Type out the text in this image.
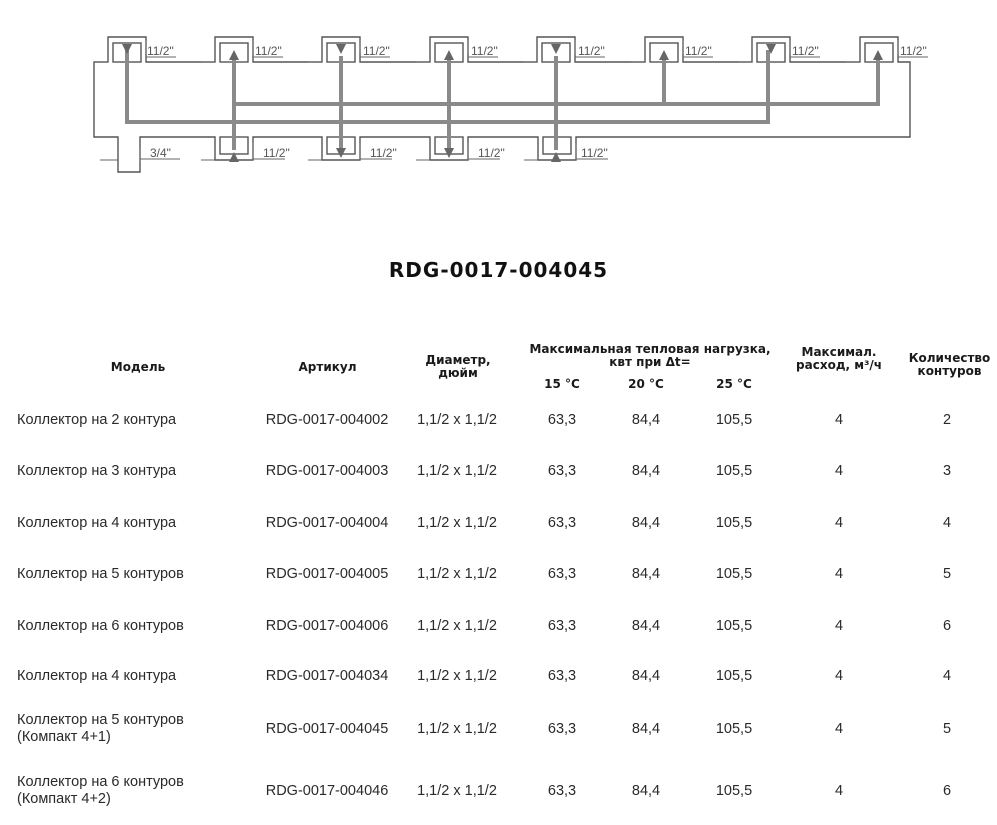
11/2"	11/2"	11/2"	11/2"	11/2"	11/2"	11/2"	11/2"
3/4"	11/2"	11/2"	11/2"	11/2"
RDG-0017-004045
Модель	Артикул	Диаметр, дюйм
Максимальная тепловая нагрузка, квт при Δt=
15 °C	20 °C	25 °C
Максимал. расход, м³/ч	Количество контуров
Коллектор на 2 контура	RDG-0017-004002	1,1/2 х 1,1/2	63,3	84,4	105,5	4	2
Коллектор на 3 контура	RDG-0017-004003	1,1/2 х 1,1/2	63,3	84,4	105,5	4	3
Коллектор на 4 контура	RDG-0017-004004	1,1/2 х 1,1/2	63,3	84,4	105,5	4	4
Коллектор на 5 контуров	RDG-0017-004005	1,1/2 х 1,1/2	63,3	84,4	105,5	4	5
Коллектор на 6 контуров	RDG-0017-004006	1,1/2 х 1,1/2	63,3	84,4	105,5	4	6
Коллектор на 4 контура	RDG-0017-004034	1,1/2 х 1,1/2	63,3	84,4	105,5	4	4
Коллектор на 5 контуров
(Компакт 4+1)	RDG-0017-004045	1,1/2 х 1,1/2	63,3	84,4	105,5	4	5
Коллектор на 6 контуров
(Компакт 4+2)	RDG-0017-004046	1,1/2 х 1,1/2	63,3	84,4	105,5	4	6
